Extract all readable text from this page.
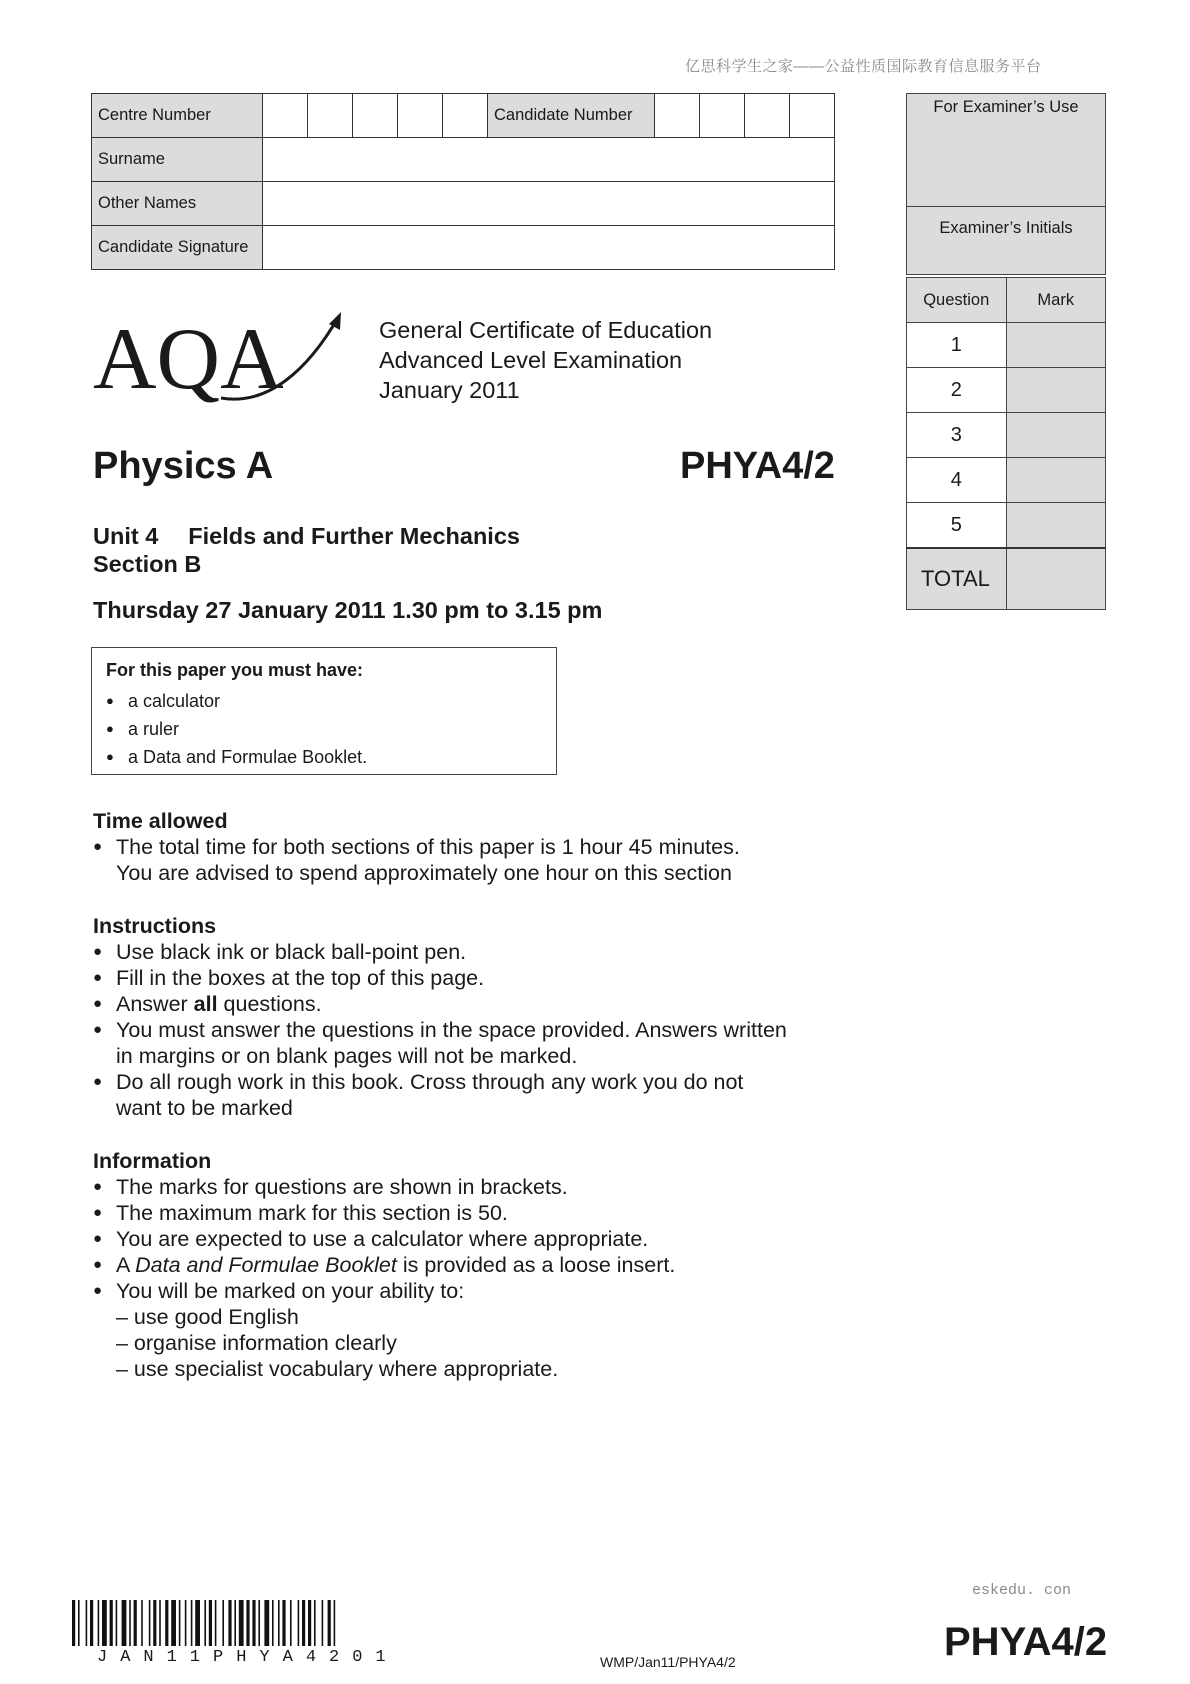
亿思科学生之家——公益性质国际教育信息服务平台
Centre Number						Candidate Number				
Surname										
Other Names										
Candidate Signature										
For Examiner’s Use
Examiner’s Initials
Question	Mark
1	
2	
3	
4	
5	
TOTAL	
AQA	General Certificate of Education
Advanced Level Examination
January 2011
Physics A	PHYA4/2
Unit 4 Fields and Further Mechanics
Section B
Thursday 27 January 2011 1.30 pm to 3.15 pm
For this paper you must have:
● a calculator
● a ruler
● a Data and Formulae Booklet.
Time allowed
● The total time for both sections of this paper is 1 hour 45 minutes.
You are advised to spend approximately one hour on this section
Instructions
● Use black ink or black ball-point pen.
● Fill in the boxes at the top of this page.
● Answer all questions.
● You must answer the questions in the space provided. Answers written
in margins or on blank pages will not be marked.
● Do all rough work in this book. Cross through any work you do not
want to be marked
Information
● The marks for questions are shown in brackets.
● The maximum mark for this section is 50.
● You are expected to use a calculator where appropriate.
● A Data and Formulae Booklet is provided as a loose insert.
● You will be marked on your ability to:
– use good English
– organise information clearly
– use specialist vocabulary where appropriate.
eskedu. con
JAN11PHYA4201	WMP/Jan11/PHYA4/2	PHYA4/2
